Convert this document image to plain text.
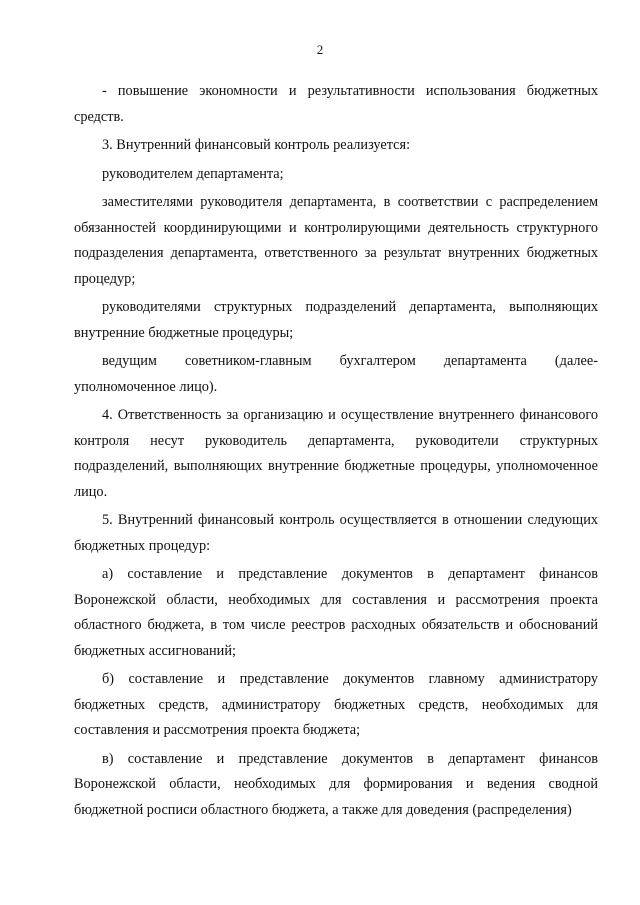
2

- повышение экономности и результативности использования бюджетных средств.

3. Внутренний финансовый контроль реализуется:

руководителем департамента;

заместителями руководителя департамента, в соответствии с распределением обязанностей координирующими и контролирующими деятельность структурного подразделения департамента, ответственного за результат внутренних бюджетных процедур;

руководителями структурных подразделений департамента, выполняющих внутренние бюджетные процедуры;

ведущим советником-главным бухгалтером департамента (далее-уполномоченное лицо).

4. Ответственность за организацию и осуществление внутреннего финансового контроля несут руководитель департамента, руководители структурных подразделений, выполняющих внутренние бюджетные процедуры, уполномоченное лицо.

5. Внутренний финансовый контроль осуществляется в отношении следующих бюджетных процедур:

а) составление и представление документов в департамент финансов Воронежской области, необходимых для составления и рассмотрения проекта областного бюджета, в том числе реестров расходных обязательств и обоснований бюджетных ассигнований;

б) составление и представление документов главному администратору бюджетных средств, администратору бюджетных средств, необходимых для составления и рассмотрения проекта бюджета;

в) составление и представление документов в департамент финансов Воронежской области, необходимых для формирования и ведения сводной бюджетной росписи областного бюджета, а также для доведения (распределения)
